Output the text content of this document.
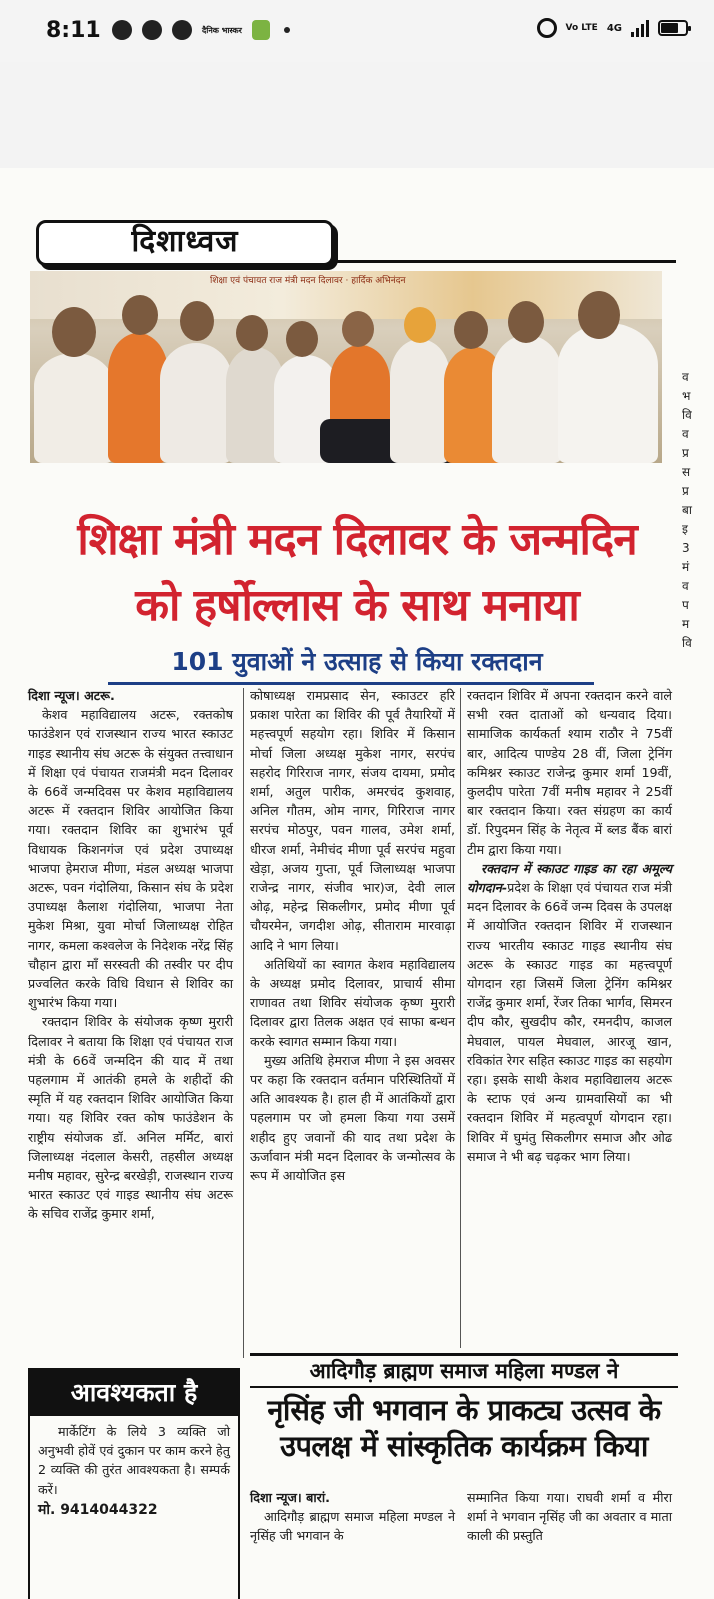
8:11	दैनिक भास्कर	Vo LTE 4G
दिशाध्वज
शिक्षा एवं पंचायत राज मंत्री मदन दिलावर · हार्दिक अभिनंदन
शिक्षा मंत्री मदन दिलावर के जन्मदिन
को हर्षोल्लास के साथ मनाया
101 युवाओं ने उत्साह से किया रक्तदान

दिशा न्यूज। अटरू.

केशव महाविद्यालय अटरू, रक्तकोष फाउंडेशन एवं राजस्थान राज्य भारत स्काउट गाइड स्थानीय संघ अटरू के संयुक्त तत्त्वाधान में शिक्षा एवं पंचायत राजमंत्री मदन दिलावर के 66वें जन्मदिवस पर केशव महाविद्यालय अटरू में रक्तदान शिविर आयोजित किया गया। रक्तदान शिविर का शुभारंभ पूर्व विधायक किशनगंज एवं प्रदेश उपाध्यक्ष भाजपा हेमराज मीणा, मंडल अध्यक्ष भाजपा अटरू, पवन गंदोलिया, किसान संघ के प्रदेश उपाध्यक्ष कैलाश गंदोलिया, भाजपा नेता मुकेश मिश्रा, युवा मोर्चा जिलाध्यक्ष रोहित नागर, कमला कश्वलेज के निदेशक नरेंद्र सिंह चौहान द्वारा माँ सरस्वती की तस्वीर पर दीप प्रज्वलित करके विधि विधान से शिविर का शुभारंभ किया गया।

रक्तदान शिविर के संयोजक कृष्ण मुरारी दिलावर ने बताया कि शिक्षा एवं पंचायत राज मंत्री के 66वें जन्मदिन की याद में तथा पहलगाम में आतंकी हमले के शहीदों की स्मृति में यह रक्तदान शिविर आयोजित किया गया। यह शिविर रक्त कोष फाउंडेशन के राष्ट्रीय संयोजक डॉ. अनिल मर्मिट, बारां जिलाध्यक्ष नंदलाल केसरी, तहसील अध्यक्ष मनीष महावर, सुरेन्द्र बरखेड़ी, राजस्थान राज्य भारत स्काउट एवं गाइड स्थानीय संघ अटरू के सचिव राजेंद्र कुमार शर्मा,

कोषाध्यक्ष रामप्रसाद सेन, स्काउटर हरि प्रकाश पारेता का शिविर की पूर्व तैयारियों में महत्त्वपूर्ण सहयोग रहा। शिविर में किसान मोर्चा जिला अध्यक्ष मुकेश नागर, सरपंच सहरोद गिरिराज नागर, संजय दायमा, प्रमोद शर्मा, अतुल पारीक, अमरचंद कुशवाह, अनिल गौतम, ओम नागर, गिरिराज नागर सरपंच मोठपुर, पवन गालव, उमेश शर्मा, धीरज शर्मा, नेमीचंद मीणा पूर्व सरपंच महुवा खेड़ा, अजय गुप्ता, पूर्व जिलाध्यक्ष भाजपा राजेन्द्र नागर, संजीव भार)ज, देवी लाल ओढ़, महेन्द्र सिकलीगर, प्रमोद मीणा पूर्व चौयरमेन, जगदीश ओढ़, सीताराम मारवाढ़ा आदि ने भाग लिया।

अतिथियों का स्वागत केशव महाविद्यालय के अध्यक्ष प्रमोद दिलावर, प्राचार्य सीमा राणावत तथा शिविर संयोजक कृष्ण मुरारी दिलावर द्वारा तिलक अक्षत एवं साफा बन्धन करके स्वागत सम्मान किया गया।

मुख्य अतिथि हेमराज मीणा ने इस अवसर पर कहा कि रक्तदान वर्तमान परिस्थितियों में अति आवश्यक है। हाल ही में आतंकियों द्वारा पहलगाम पर जो हमला किया गया उसमें शहीद हुए जवानों की याद तथा प्रदेश के ऊर्जावान मंत्री मदन दिलावर के जन्मोत्सव के रूप में आयोजित इस

रक्तदान शिविर में अपना रक्तदान करने वाले सभी रक्त दाताओं को धन्यवाद दिया। सामाजिक कार्यकर्ता श्याम राठौर ने 75वीं बार, आदित्य पाण्डेय 28 वीं, जिला ट्रेनिंग कमिश्नर स्काउट राजेन्द्र कुमार शर्मा 19वीं, कुलदीप पारेता 7वीं मनीष महावर ने 25वीं बार रक्तदान किया। रक्त संग्रहण का कार्य डॉ. रिपुदमन सिंह के नेतृत्व में ब्लड बैंक बारां टीम द्वारा किया गया।

रक्तदान में स्काउट गाइड का रहा अमूल्य योगदान-प्रदेश के शिक्षा एवं पंचायत राज मंत्री मदन दिलावर के 66वें जन्म दिवस के उपलक्ष में आयोजित रक्तदान शिविर में राजस्थान राज्य भारतीय स्काउट गाइड स्थानीय संघ अटरू के स्काउट गाइड का महत्त्वपूर्ण योगदान रहा जिसमें जिला ट्रेनिंग कमिश्नर राजेंद्र कुमार शर्मा, रेंजर तिका भार्गव, सिमरन दीप कौर, सुखदीप कौर, रमनदीप, काजल मेघवाल, पायल मेघवाल, आरजू खान, रविकांत रेगर सहित स्काउट गाइड का सहयोग रहा। इसके साथी केशव महाविद्यालय अटरू के स्टाफ एवं अन्य ग्रामवासियों का भी रक्तदान शिविर में महत्वपूर्ण योगदान रहा। शिविर में घुमंतु सिकलीगर समाज और ओढ समाज ने भी बढ़ चढ़कर भाग लिया।

आवश्यकता है

मार्केटिंग के लिये 3 व्यक्ति जो अनुभवी होवें एवं दुकान पर काम करने हेतु 2 व्यक्ति की तुरंत आवश्यकता है। सम्पर्क करें।

मो. 9414044322
आदिगौड़ ब्राह्मण समाज महिला मण्डल ने
नृसिंह जी भगवान के प्राकट्य उत्सव के
उपलक्ष में सांस्कृतिक कार्यक्रम किया

दिशा न्यूज। बारां.

आदिगौड़ ब्राह्मण समाज महिला मण्डल ने नृसिंह जी भगवान के

सम्मानित किया गया। राघवी शर्मा व मीरा शर्मा ने भगवान नृसिंह जी का अवतार व माता काली की प्रस्तुति

व
भ
वि
व
प्र
स
प्र
बा
इ
3
मं
व
प
म
वि
